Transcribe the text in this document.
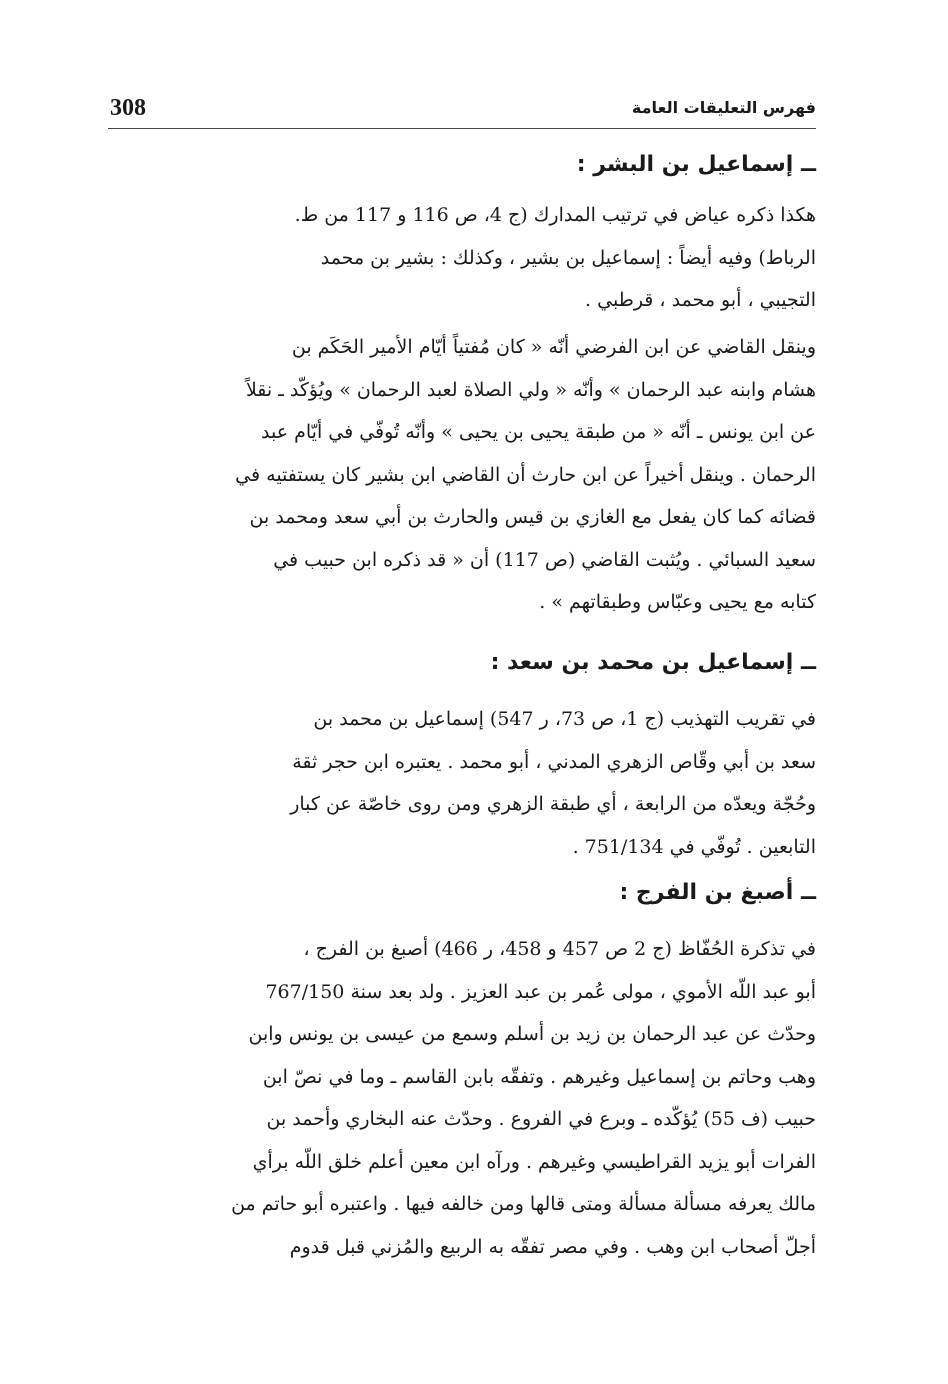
308	فهرس التعليقات العامة
ــ إسماعيل بن البشر :
هكذا ذكره عياض في ترتيب المدارك (ج 4، ص 116 و 117 من ط.
الرباط) وفيه أيضاً : إسماعيل بن بشير ، وكذلك : بشير بن محمد
التجيبي ، أبو محمد ، قرطبي .
وينقل القاضي عن ابن الفرضي أنّه « كان مُفتياً أيّام الأمير الحَكَم بن
هشام وابنه عبد الرحمان » وأنّه « ولي الصلاة لعبد الرحمان » ويُؤكّد ـ نقلاً
عن ابن يونس ـ أنّه « من طبقة يحيى بن يحيى » وأنّه تُوفّي في أيّام عبد
الرحمان . وينقل أخيراً عن ابن حارث أن القاضي ابن بشير كان يستفتيه في
قضائه كما كان يفعل مع الغازي بن قيس والحارث بن أبي سعد ومحمد بن
سعيد السبائي . ويُثبت القاضي (ص 117) أن « قد ذكره ابن حبيب في
كتابه مع يحيى وعبّاس وطبقاتهم » .
ــ إسماعيل بن محمد بن سعد :
في تقريب التهذيب (ج 1، ص 73، ر 547) إسماعيل بن محمد بن
سعد بن أبي وقّاص الزهري المدني ، أبو محمد . يعتبره ابن حجر ثقة
وحُجّة ويعدّه من الرابعة ، أي طبقة الزهري ومن روى خاصّة عن كبار
التابعين . تُوفّي في 751/134 .
ــ أصبغ بن الفرج :
في تذكرة الحُفّاظ (ج 2 ص 457 و 458، ر 466) أصبغ بن الفرج ،
أبو عبد اللّه الأموي ، مولى عُمر بن عبد العزيز . ولد بعد سنة 767/150
وحدّث عن عبد الرحمان بن زيد بن أسلم وسمع من عيسى بن يونس وابن
وهب وحاتم بن إسماعيل وغيرهم . وتفقّه بابن القاسم ـ وما في نصّ ابن
حبيب (ف 55) يُؤكّده ـ وبرع في الفروع . وحدّث عنه البخاري وأحمد بن
الفرات أبو يزيد القراطيسي وغيرهم . ورآه ابن معين أعلم خلق اللّه برأي
مالك يعرفه مسألة مسألة ومتى قالها ومن خالفه فيها . واعتبره أبو حاتم من
أجلّ أصحاب ابن وهب . وفي مصر تفقّه به الربيع والمُزني قبل قدوم
